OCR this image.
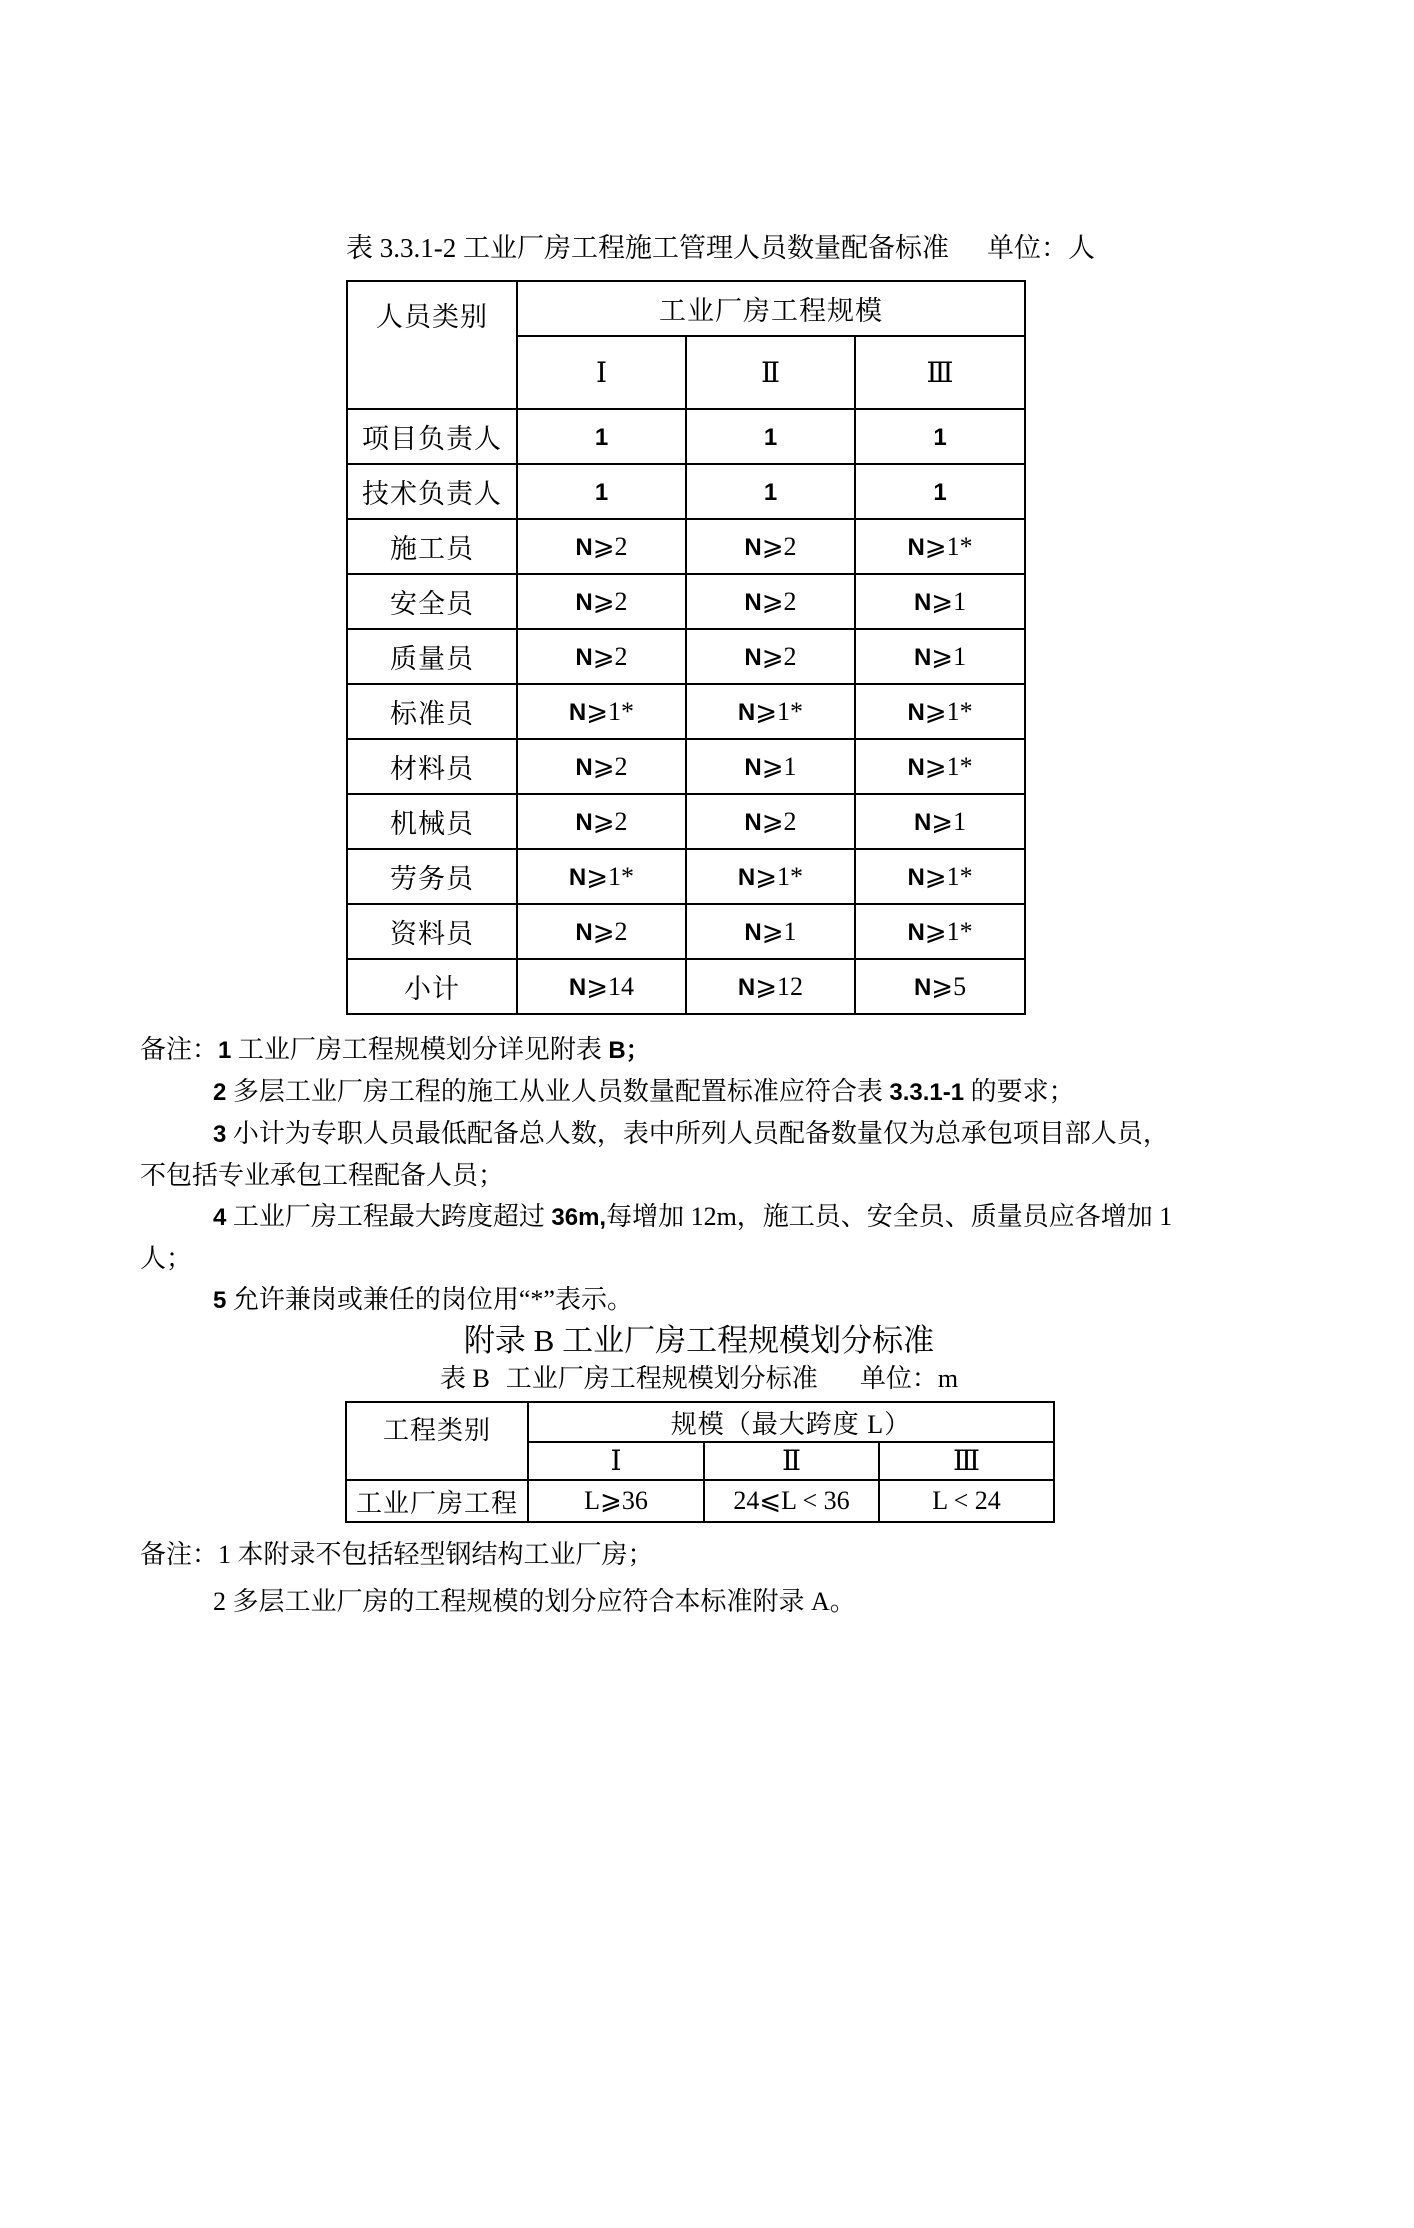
表 3.3.1-2 工业厂房工程施工管理人员数量配备标准 单位：人
人员类别	工业厂房工程规模		
	Ⅰ	Ⅱ	Ⅲ
项目负责人	1	1	1
技术负责人	1	1	1
施工员	N⩾2	N⩾2	N⩾1*
安全员	N⩾2	N⩾2	N⩾1
质量员	N⩾2	N⩾2	N⩾1
标准员	N⩾1*	N⩾1*	N⩾1*
材料员	N⩾2	N⩾1	N⩾1*
机械员	N⩾2	N⩾2	N⩾1
劳务员	N⩾1*	N⩾1*	N⩾1*
资料员	N⩾2	N⩾1	N⩾1*
小计	N⩾14	N⩾12	N⩾5

备注：1 工业厂房工程规模划分详见附表 B；

2 多层工业厂房工程的施工从业人员数量配置标准应符合表 3.3.1-1 的要求；

3 小计为专职人员最低配备总人数，表中所列人员配备数量仅为总承包项目部人员，不包括专业承包工程配备人员；

4 工业厂房工程最大跨度超过 36m,每增加 12m，施工员、安全员、质量员应各增加 1 人；

5 允许兼岗或兼任的岗位用“*”表示。

附录 B 工业厂房工程规模划分标准
表 B 工业厂房工程规模划分标准 单位：m
工程类别	规模（最大跨度 L）		
	Ⅰ	Ⅱ	Ⅲ
工业厂房工程	L⩾36	24⩽L < 36	L < 24

备注：1 本附录不包括轻型钢结构工业厂房；

2 多层工业厂房的工程规模的划分应符合本标准附录 A。
